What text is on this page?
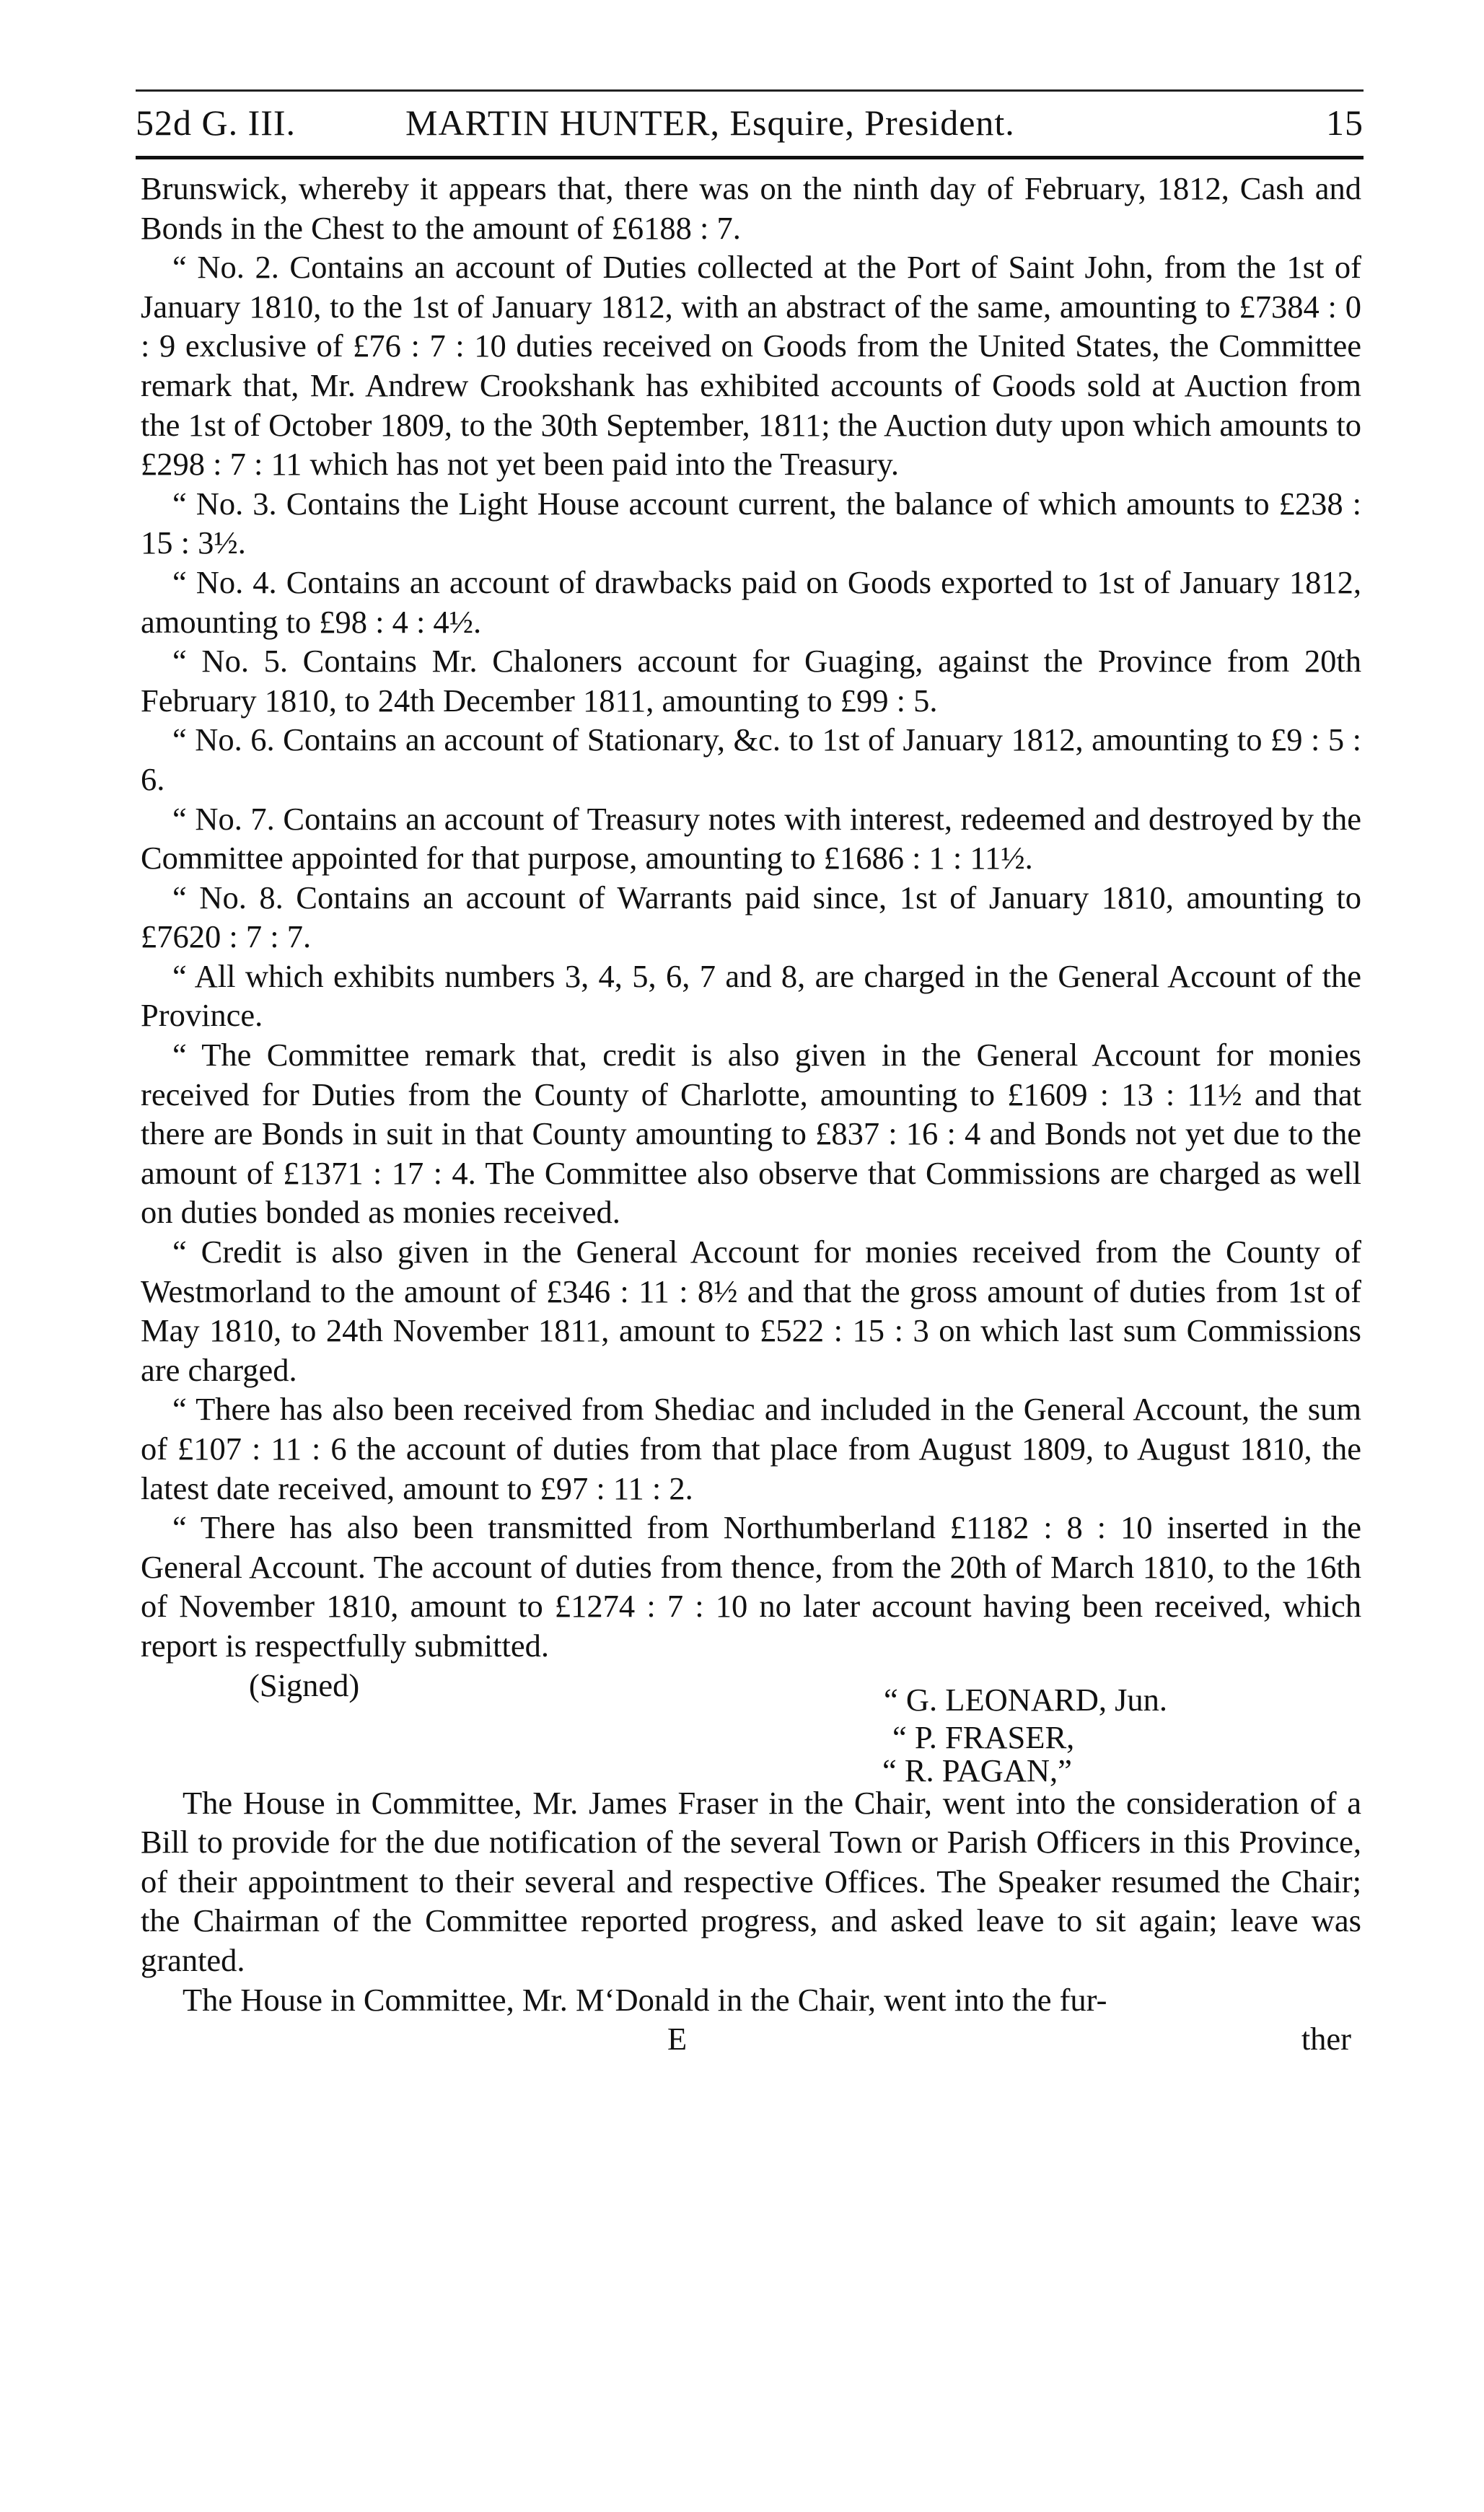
52d G. III.	MARTIN HUNTER, Esquire, President.	15

Brunswick, whereby it appears that, there was on the ninth day of February, 1812, Cash and Bonds in the Chest to the amount of £6188 : 7.

“ No. 2. Contains an account of Duties collected at the Port of Saint John, from the 1st of January 1810, to the 1st of January 1812, with an abstract of the same, amounting to £7384 : 0 : 9 exclusive of £76 : 7 : 10 duties received on Goods from the United States, the Committee remark that, Mr. Andrew Crookshank has exhibited accounts of Goods sold at Auction from the 1st of October 1809, to the 30th September, 1811; the Auction duty upon which amounts to £298 : 7 : 11 which has not yet been paid into the Treasury.

“ No. 3. Contains the Light House account current, the balance of which amounts to £238 : 15 : 3½.

“ No. 4. Contains an account of drawbacks paid on Goods exported to 1st of January 1812, amounting to £98 : 4 : 4½.

“ No. 5. Contains Mr. Chaloners account for Guaging, against the Province from 20th February 1810, to 24th December 1811, amounting to £99 : 5.

“ No. 6. Contains an account of Stationary, &c. to 1st of January 1812, amounting to £9 : 5 : 6.

“ No. 7. Contains an account of Treasury notes with interest, redeemed and destroyed by the Committee appointed for that purpose, amounting to £1686 : 1 : 11½.

“ No. 8. Contains an account of Warrants paid since, 1st of January 1810, amounting to £7620 : 7 : 7.

“ All which exhibits numbers 3, 4, 5, 6, 7 and 8, are charged in the General Account of the Province.

“ The Committee remark that, credit is also given in the General Account for monies received for Duties from the County of Charlotte, amounting to £1609 : 13 : 11½ and that there are Bonds in suit in that County amounting to £837 : 16 : 4 and Bonds not yet due to the amount of £1371 : 17 : 4. The Committee also observe that Commissions are charged as well on duties bonded as monies received.

“ Credit is also given in the General Account for monies received from the County of Westmorland to the amount of £346 : 11 : 8½ and that the gross amount of duties from 1st of May 1810, to 24th November 1811, amount to £522 : 15 : 3 on which last sum Commissions are charged.

“ There has also been received from Shediac and included in the General Account, the sum of £107 : 11 : 6 the account of duties from that place from August 1809, to August 1810, the latest date received, amount to £97 : 11 : 2.

“ There has also been transmitted from Northumberland £1182 : 8 : 10 inserted in the General Account. The account of duties from thence, from the 20th of March 1810, to the 16th of November 1810, amount to £1274 : 7 : 10 no later account having been received, which report is respectfully submitted.

(Signed)	“ G. LEONARD, Jun.
“ P. FRASER,
“ R. PAGAN,”

The House in Committee, Mr. James Fraser in the Chair, went into the consideration of a Bill to provide for the due notification of the several Town or Parish Officers in this Province, of their appointment to their several and respective Offices. The Speaker resumed the Chair; the Chairman of the Committee reported progress, and asked leave to sit again; leave was granted.

The House in Committee, Mr. M‘Donald in the Chair, went into the fur-

E	ther
